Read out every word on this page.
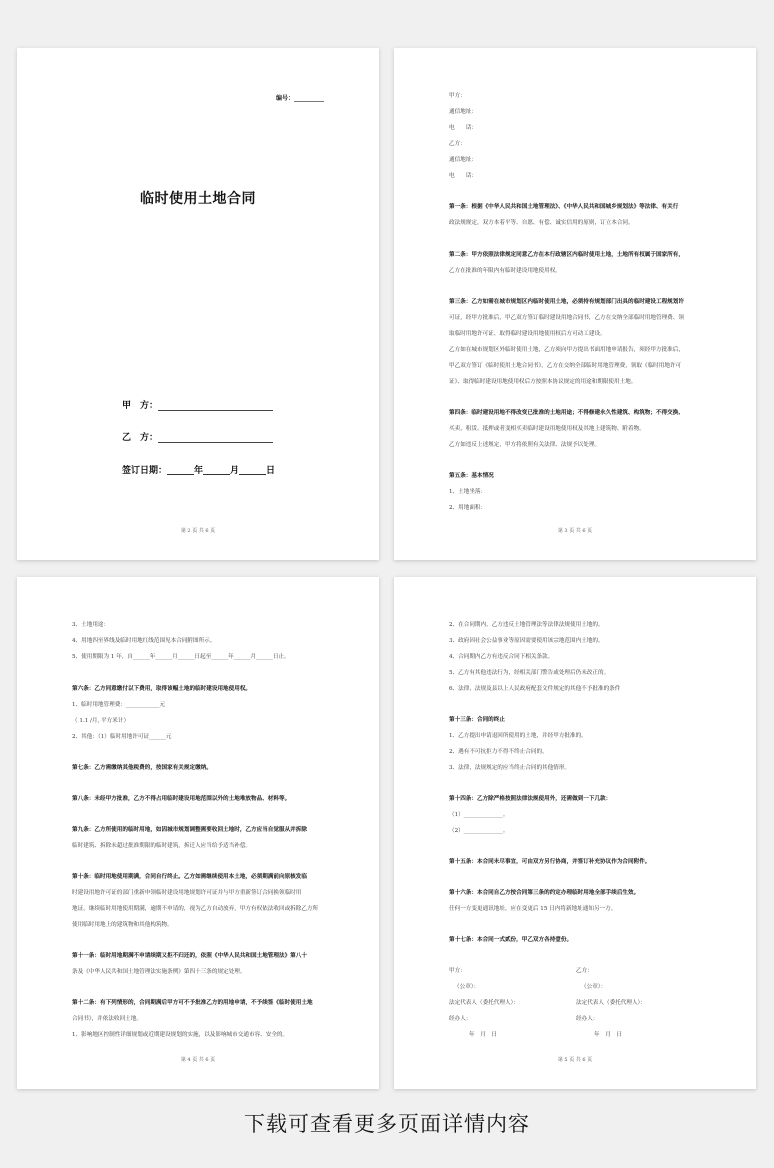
​
编号：__________
临时使用土地合同
甲　方：
乙　方：
签订日期：______年______月______日
第 2 页 共 6 页
甲方：
通信地址：
电　　话：
乙方：
通信地址：
电　　话：
第一条：根据《中华人民共和国土地管理法》、《中华人民共和国城乡规划法》等法律、有关行
政法规规定，双方本着平等、自愿、有偿、诚实信用的原则，订立本合同。
第二条：甲方依照法律规定同意乙方在本行政辖区内临时使用土地，土地所有权属于国家所有，
乙方在批准的年限内有临时建设用地使用权。
第三条：乙方如需在城市规划区内临时使用土地，必须持有规划部门出具的临时建设工程规划许
可证，经甲方批准后，甲乙双方签订临时建设用地合同书，乙方在交纳全部临时用地管理费、领
取临时用地许可证、取得临时建设用地使用权后方可动工建设。
乙方如在城市规划区外临时使用土地，乙方须向甲方提出书面用地申请报告，须经甲方批准后，
甲乙双方签订《临时使用土地合同书》，乙方在交纳全部临时用地管理费，领取《临时用地许可
证》、取得临时建设用地使用权后方按照本协议规定的用途和期限使用土地。
第四条：临时建设用地不得改变已批准的土地用途；不得修建永久性建筑、构筑物；不得交换、
买卖、租赁、抵押或者变相买卖临时建设用地使用权及其地上建筑物、附着物。
乙方如违反上述规定，甲方将依照有关法律、法规予以处理。
第五条：基本情况
1、土地坐落：
2、用地面积：
第 3 页 共 6 页
3、土地用途：
4、用地四至界线及临时用地红线范围见本合同附图所示。
5、使用期限为 1 年，自______年______月______日起至______年______月______日止。
第六条：乙方同意缴付以下费用，取得该幅土地的临时建设用地使用权。
1、临时用地管理费：____________元
（ 1.1 /月, 平方米计）
2、其他：（1）临时用地许可证______元
第七条：乙方需缴纳其他税费的，按国家有关规定缴纳。
第八条：未经甲方批准，乙方不得占用临时建设用地范围以外的土地堆放物品、材料等。
第九条：乙方所使用的临时用地，如因城市规划调整需要收回土地时，乙方应当自觉服从并拆除
临时建筑、拆除未超过批准期限的临时建筑，拆迁人应当给予适当补偿。
第十条：临时用地使用期满，合同自行终止。乙方如需继续使用本土地，必须期满前向原核发临
时建设用地许可证的部门重新申领临时建设用地规划许可证并与甲方重新签订合同换领临时用
地证。继续临时用地使用期满，逾期不申请的，视为乙方自动放弃，甲方有权依法收回或拆除乙方所
使用临时用地上的建筑物和其他构筑物。
第十一条：临时用地期满不申请续期又拒不归还的，依照《中华人民共和国土地管理法》第八十
条及《中华人民共和国土地管理法实施条例》第四十三条的规定处理。
第十二条：有下列情形的，合同期满后甲方可不予批准乙方的用地申请，不予续签《临时使用土地
合同书》，并依法收回土地。
1、影响地区控制性详细规划或近期建设规划的实施，以及影响城市交通市容、安全的。
第 4 页 共 6 页
2、在合同期内，乙方违反土地管理法等法律法规使用土地的。
3、政府因社会公益事业等原因需要使用该宗地范围内土地的。
4、合同期内乙方有违反合同下相关条款。
5、乙方有其他违法行为，经相关部门警告或处理后仍未改正的。
6、法律，法规及县以上人民政府配套文件规定的其他不予批准的条件
第十三条：合同的终止
1、乙方提出申请退回所使用的土地，并经甲方批准的。
2、遇有不可抗拒力不得不终止合同的。
3、法律，法规规定的应当终止合同的其他情形。
第十四条：乙方除严格按照法律法规使用外，还需做到一下几款：
（1）______________。
（2）______________。
第十五条：本合同未尽事宜，可由双方另行协商，并签订补充协议作为合同附件。
第十六条：本合同自乙方按合同第三条的约定办理临时用地全部手续后生效。
任何一方变更通讯地址，应在变更后 15 日内将新地址通知另一方。
第十七条：本合同一式贰份，甲乙双方各持壹份。
甲方：
（公章）：
法定代表人（委托代理人）：
经办人：
年　月　日
乙方：
（公章）：
法定代表人（委托代理人）：
经办人：
年　月　日
第 5 页 共 6 页
下载可查看更多页面详情内容
